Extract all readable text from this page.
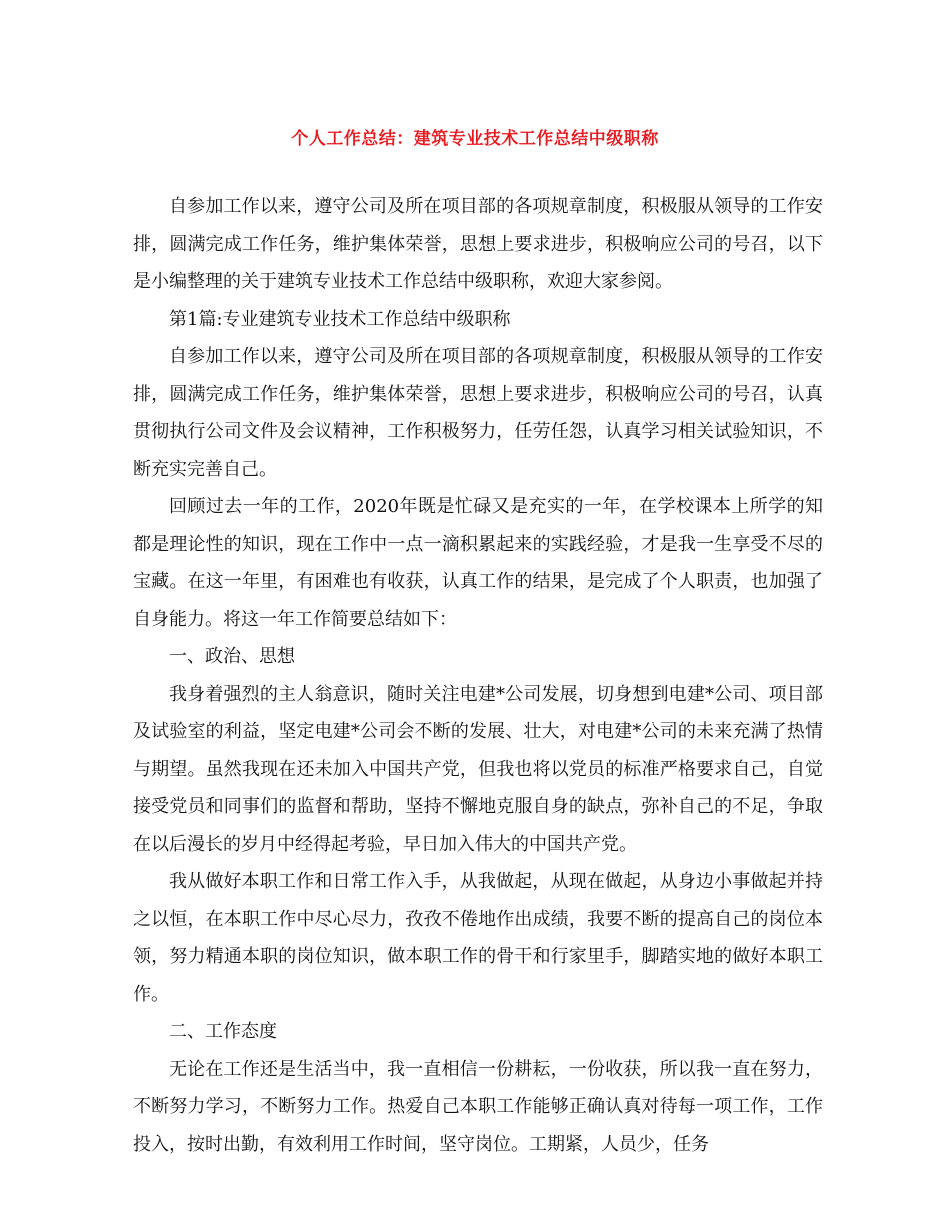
个人工作总结：建筑专业技术工作总结中级职称

自参加工作以来，遵守公司及所在项目部的各项规章制度，积极服从领导的工作安排，圆满完成工作任务，维护集体荣誉，思想上要求进步，积极响应公司的号召，以下是小编整理的关于建筑专业技术工作总结中级职称，欢迎大家参阅。

第1篇:专业建筑专业技术工作总结中级职称

自参加工作以来，遵守公司及所在项目部的各项规章制度，积极服从领导的工作安排，圆满完成工作任务，维护集体荣誉，思想上要求进步，积极响应公司的号召，认真贯彻执行公司文件及会议精神，工作积极努力，任劳任怨，认真学习相关试验知识，不断充实完善自己。

回顾过去一年的工作，2020年既是忙碌又是充实的一年，在学校课本上所学的知都是理论性的知识，现在工作中一点一滴积累起来的实践经验，才是我一生享受不尽的宝藏。在这一年里，有困难也有收获，认真工作的结果，是完成了个人职责，也加强了自身能力。将这一年工作简要总结如下：

一、政治、思想

我身着强烈的主人翁意识，随时关注电建*公司发展，切身想到电建*公司、项目部及试验室的利益，坚定电建*公司会不断的发展、壮大，对电建*公司的未来充满了热情与期望。虽然我现在还未加入中国共产党，但我也将以党员的标准严格要求自己，自觉接受党员和同事们的监督和帮助，坚持不懈地克服自身的缺点，弥补自己的不足，争取在以后漫长的岁月中经得起考验，早日加入伟大的中国共产党。

我从做好本职工作和日常工作入手，从我做起，从现在做起，从身边小事做起并持之以恒，在本职工作中尽心尽力，孜孜不倦地作出成绩，我要不断的提高自己的岗位本领，努力精通本职的岗位知识，做本职工作的骨干和行家里手，脚踏实地的做好本职工作。

二、工作态度

无论在工作还是生活当中，我一直相信一份耕耘，一份收获，所以我一直在努力，不断努力学习，不断努力工作。热爱自己本职工作能够正确认真对待每一项工作，工作投入，按时出勤，有效利用工作时间，坚守岗位。工期紧，人员少，任务
